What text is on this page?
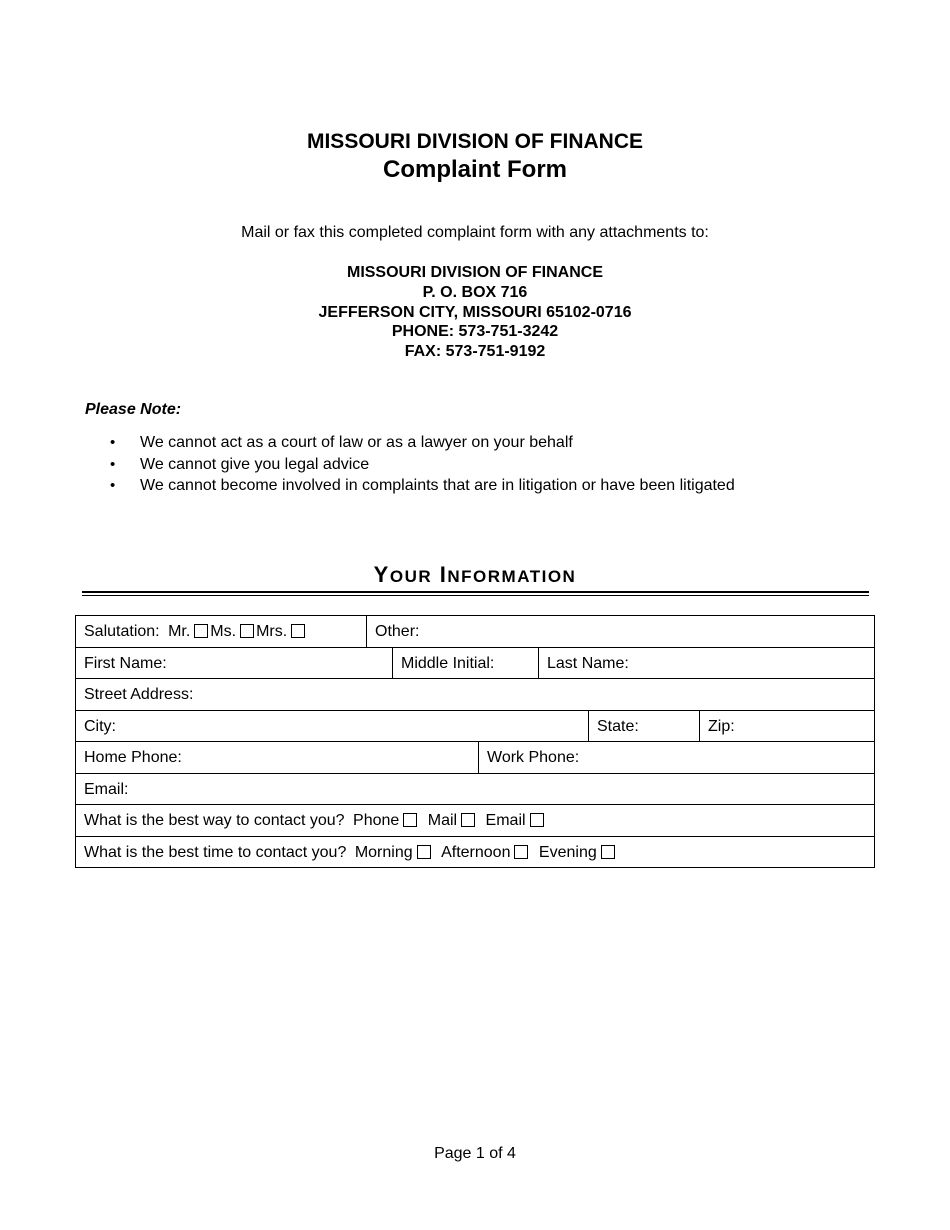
MISSOURI DIVISION OF FINANCE
Complaint Form
Mail or fax this completed complaint form with any attachments to:
MISSOURI DIVISION OF FINANCE
P. O. BOX 716
JEFFERSON CITY, MISSOURI 65102-0716
PHONE: 573-751-3242
FAX: 573-751-9192
Please Note:
• We cannot act as a court of law or as a lawyer on your behalf
• We cannot give you legal advice
• We cannot become involved in complaints that are in litigation or have been litigated
YOUR INFORMATION
Salutation: Mr. Ms. Mrs.	Other:
First Name:	Middle Initial:	Last Name:
Street Address:
City:	State:	Zip:
Home Phone:	Work Phone:
Email:
What is the best way to contact you? Phone Mail Email
What is the best time to contact you? Morning Afternoon Evening
Page 1 of 4
